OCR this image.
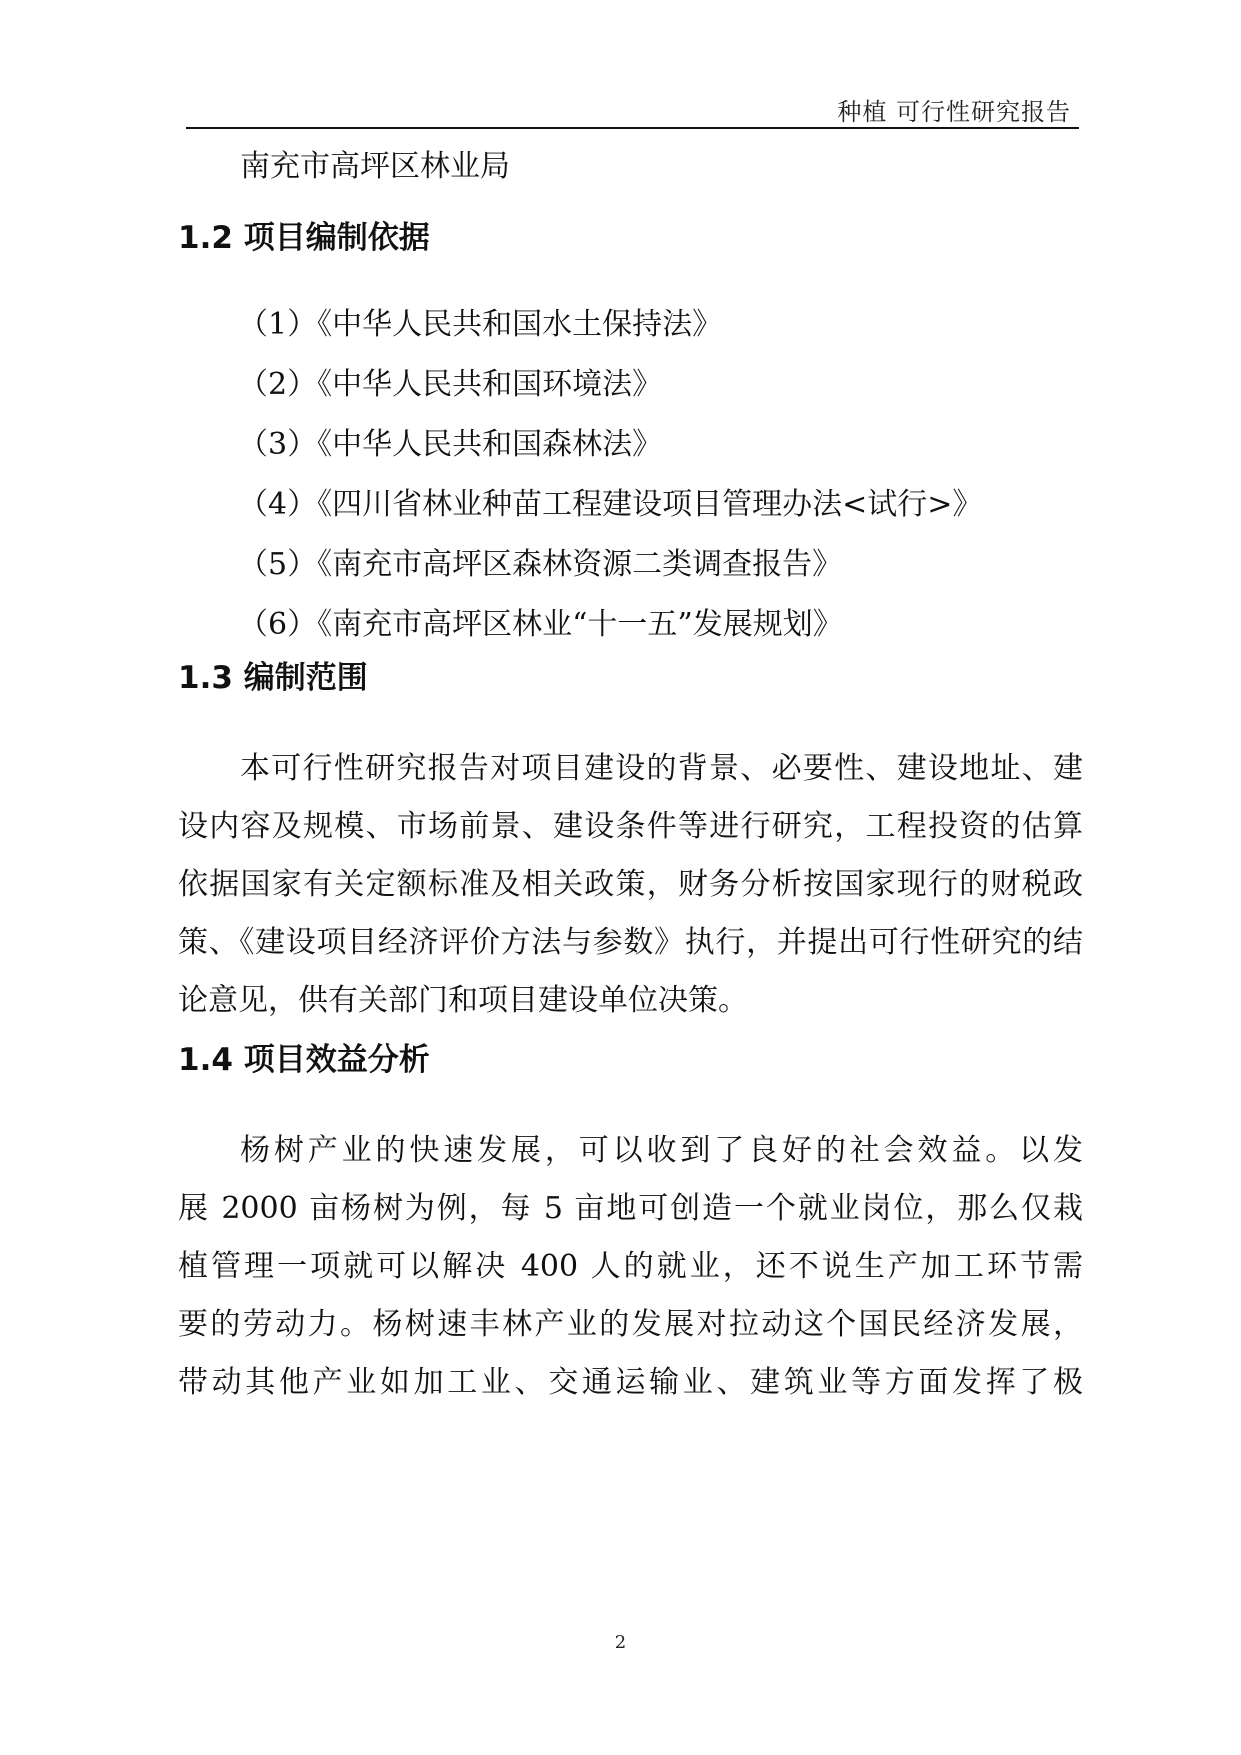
种植 可行性研究报告

南充市高坪区林业局

1.2 项目编制依据
（1）《中华人民共和国水土保持法》
（2）《中华人民共和国环境法》
（3）《中华人民共和国森林法》
（4）《四川省林业种苗工程建设项目管理办法<试行>》
（5）《南充市高坪区森林资源二类调查报告》
（6）《南充市高坪区林业“十一五”发展规划》
1.3 编制范围

本可行性研究报告对项目建设的背景、必要性、建设地址、建
设内容及规模、市场前景、建设条件等进行研究，工程投资的估算
依据国家有关定额标准及相关政策，财务分析按国家现行的财税政
策、《建设项目经济评价方法与参数》执行，并提出可行性研究的结
论意见，供有关部门和项目建设单位决策。

1.4 项目效益分析

杨树产业的快速发展，可以收到了良好的社会效益。以发
展 2000 亩杨树为例，每 5 亩地可创造一个就业岗位，那么仅栽
植管理一项就可以解决 400 人的就业，还不说生产加工环节需
要的劳动力。杨树速丰林产业的发展对拉动这个国民经济发展，
带动其他产业如加工业、交通运输业、建筑业等方面发挥了极

2
